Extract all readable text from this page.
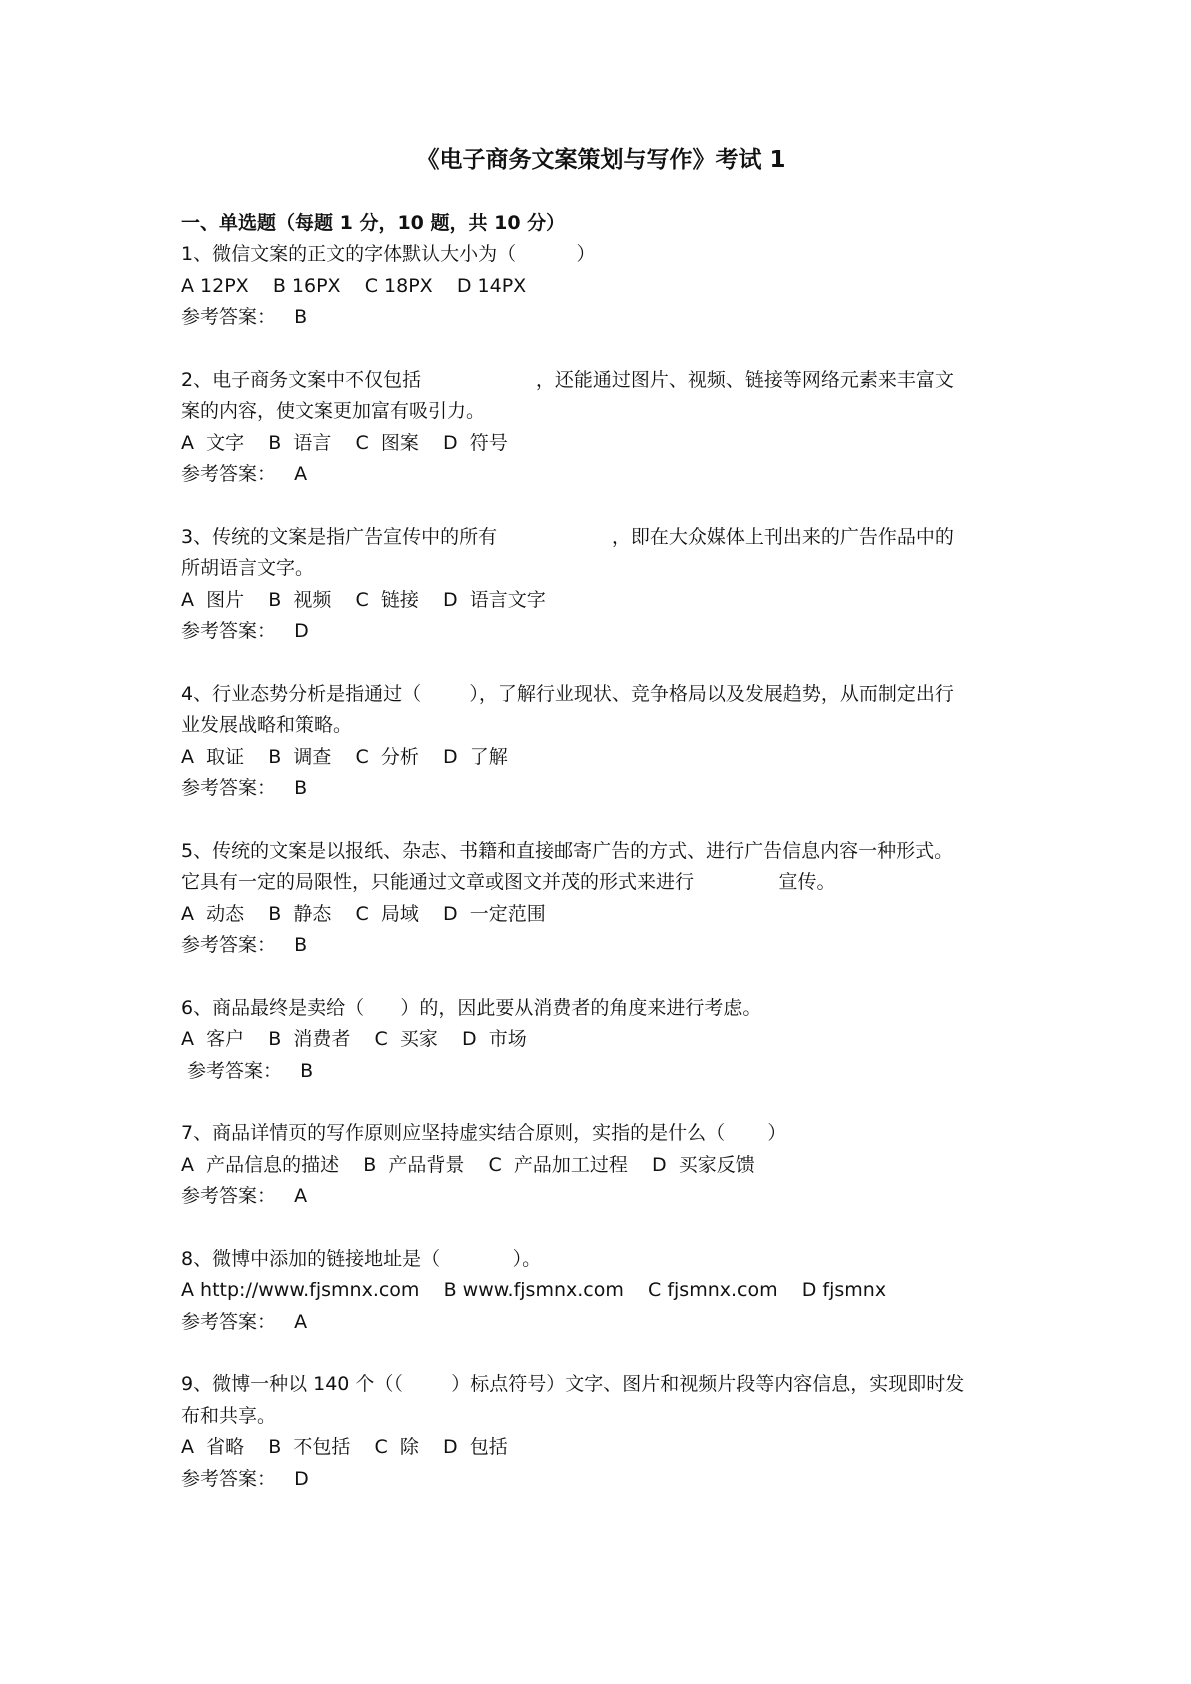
《电子商务文案策划与写作》考试 1
一、单选题（每题 1 分，10 题，共 10 分）
1、微信文案的正文的字体默认大小为（          ）
A 12PX    B 16PX    C 18PX    D 14PX
参考答案：   B
2、电子商务文案中不仅包括                   ，还能通过图片、视频、链接等网络元素来丰富文
案的内容，使文案更加富有吸引力。
A  文字    B  语言    C  图案    D  符号
参考答案：   A
3、传统的文案是指广告宣传中的所有                   ，即在大众媒体上刊出来的广告作品中的
所胡语言文字。
A  图片    B  视频    C  链接    D  语言文字
参考答案：   D
4、行业态势分析是指通过（        ），了解行业现状、竞争格局以及发展趋势，从而制定出行
业发展战略和策略。
A  取证    B  调查    C  分析    D  了解
参考答案：   B
5、传统的文案是以报纸、杂志、书籍和直接邮寄广告的方式、进行广告信息内容一种形式。
它具有一定的局限性，只能通过文章或图文并茂的形式来进行              宣传。
A  动态    B  静态    C  局域    D  一定范围
参考答案：   B
6、商品最终是卖给（      ）的，因此要从消费者的角度来进行考虑。
A  客户    B  消费者    C  买家    D  市场
参考答案：   B
7、商品详情页的写作原则应坚持虚实结合原则，实指的是什么（       ）
A  产品信息的描述    B  产品背景    C  产品加工过程    D  买家反馈
参考答案：   A
8、微博中添加的链接地址是（            ）。
A http://www.fjsmnx.com    B www.fjsmnx.com    C fjsmnx.com    D fjsmnx
参考答案：   A
9、微博一种以 140 个（（        ）标点符号）文字、图片和视频片段等内容信息，实现即时发
布和共享。
A  省略    B  不包括    C  除    D  包括
参考答案：   D
